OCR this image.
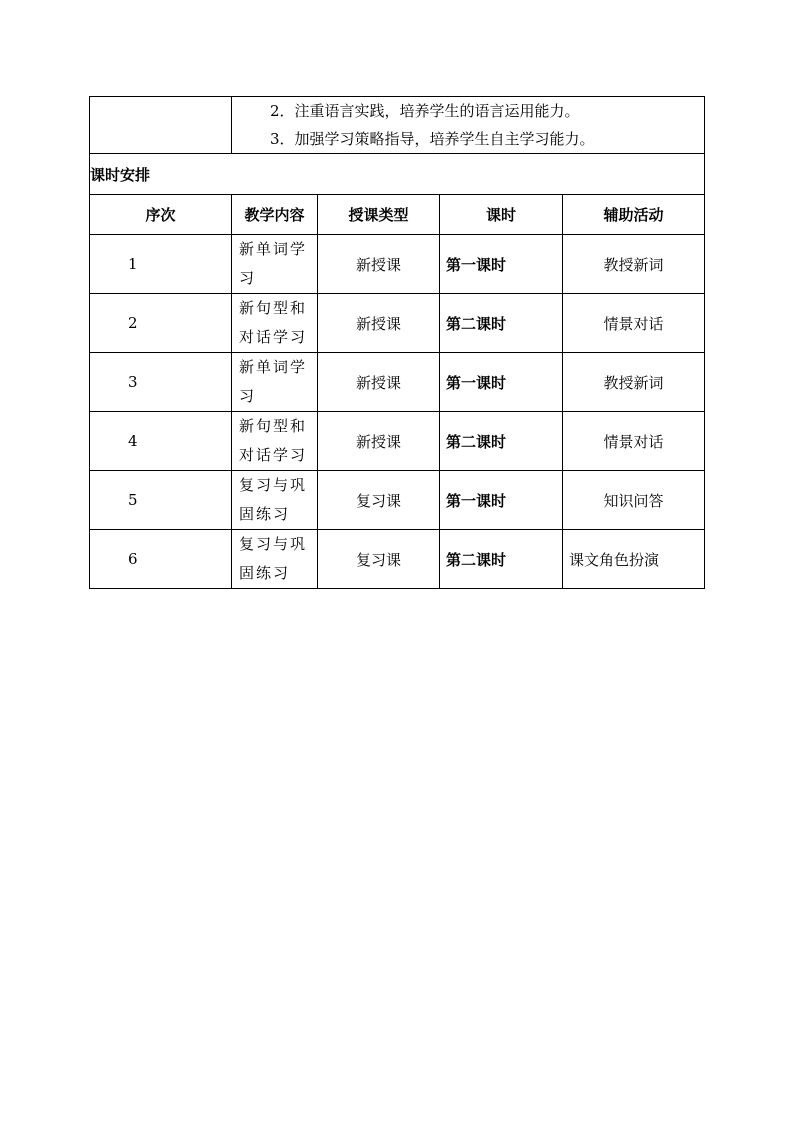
	2．注重语言实践，培养学生的语言运用能力。
3．加强学习策略指导，培养学生自主学习能力。			

课时安排				
序次	教学内容	授课类型	课时	辅助活动
1	新单词学习	新授课	第一课时	教授新词
2	新句型和对话学习	新授课	第二课时	情景对话
3	新单词学习	新授课	第一课时	教授新词
4	新句型和对话学习	新授课	第二课时	情景对话
5	复习与巩固练习	复习课	第一课时	知识问答
6	复习与巩固练习	复习课	第二课时	课文角色扮演
